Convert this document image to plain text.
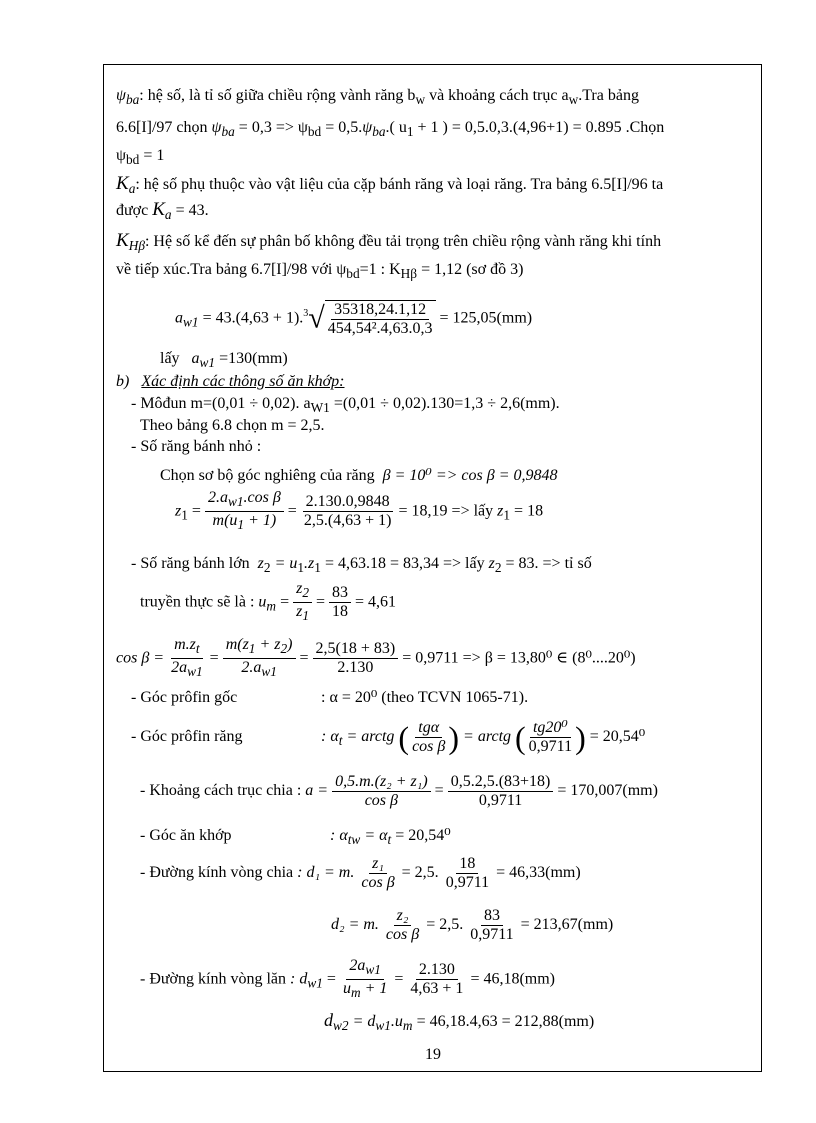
$\psi_{ba}$: hệ số, là tỉ số giữa chiều rộng vành răng $b_w$ và khoảng cách trục $a_w.Tra$ bảng
6.6[I]/97 chọn $\psi_{ba} = 0,3 => \psi_{bd} = 0,5.\psi_{ba}$.( $u_1 + 1$ ) = 0,5.0,3.(4,96+1) = 0.895 .Chọn
$\psi_{bd} = 1$
$K_a$: hệ số phụ thuộc vào vật liệu của cặp bánh răng và loại răng. Tra bảng 6.5[I]/96 ta
được $K_a = 43$.
$K_{H\beta}$: Hệ số kể đến sự phân bố không đều tải trọng trên chiều rộng vành răng khi tính
về tiếp xúc.Tra bảng 6.7[I]/98 với $\psi_{bd}=1$ : $K_{H\beta} = 1,12$ (sơ đồ 3)
$a_{w1} = 43.(4,63 + 1).^3√ \frac{35318,24.1,12}{\text{454,54².4,63.0,3}} = 125,05(mm)$
lấy $a_{w1} =130(mm)$
b) Xác định các thông số ăn khớp:
- Môđun m=(0,01 ÷ 0,02). $a_{W1} =(0,01 \div 0,02).130=1,3 \div 2,6(mm)$.
Theo bảng 6.8 chọn m = 2,5.
- Số răng bánh nhỏ :
Chọn sơ bộ góc nghiêng của răng β = 10⁰ => cos β = 0,9848
$z_1 = \frac{2.a_{w1}.\cos \beta}{m(u_1 + 1)} = \frac{2.130.0,9848}{2,5.(4,63 + 1)} = 18,19$ => lấy $z_1 = 18$
- Số răng bánh lớn $z_2 = u_1.z_1 = 4,63.18 = 83,34$ => lấy $z_2 = 83$. => tỉ số
truyền thực sẽ là : $u_m = \frac{z_2}{z_1} = \frac{83}{18} = 4,61$
$\cos \beta = \frac{m.z_t}{2a_{w1}} = \frac{m(z_1 + z_2)}{2.a_{w1}} = \frac{2,5(18 + 83)}{2.130} = 0,9711 => \beta = 13,80^0$ ∈ (8⁰....20⁰)
- Góc prôfin gốc	: α = 20⁰ (theo TCVN 1065-71).
- Góc prôfin răng	: $\alpha_t$ = arctg ( tgα
cos β ) = arctg ( $\frac{\text{tg20⁰}}{0,9711}$ ) = 20,54⁰
- Khoảng cách trục chia : $a = \frac{\text{0,5.m.(z₂ + z₁)}}{\text{cos β}} = \frac{0,5.2,5.(83+18)}{0,9711} = 170,007(mm)$
- Góc ăn khớp	: $\alpha_{tw} = \alpha_t = 20,54^0$
- Đường kính vòng chia : d₁ = m. $\frac{\text{z₁}}{\text{cos β}} = 2,5$. $\frac{18}{0,9711} = 46,33(mm)$
d₂ = m. $\frac{\text{z₂}}{\text{cos β}} = 2,5$. $\frac{83}{0,9711} = 213,67(mm)$
- Đường kính vòng lăn : $d_{w1} = \frac{2a_{w1}}{u_m + 1} = \frac{2.130}{4,63 + 1} = 46,18(mm)$
$d_{w2} = d_{w1}.u_m = 46,18.4,63 = 212,88(mm)$
19
